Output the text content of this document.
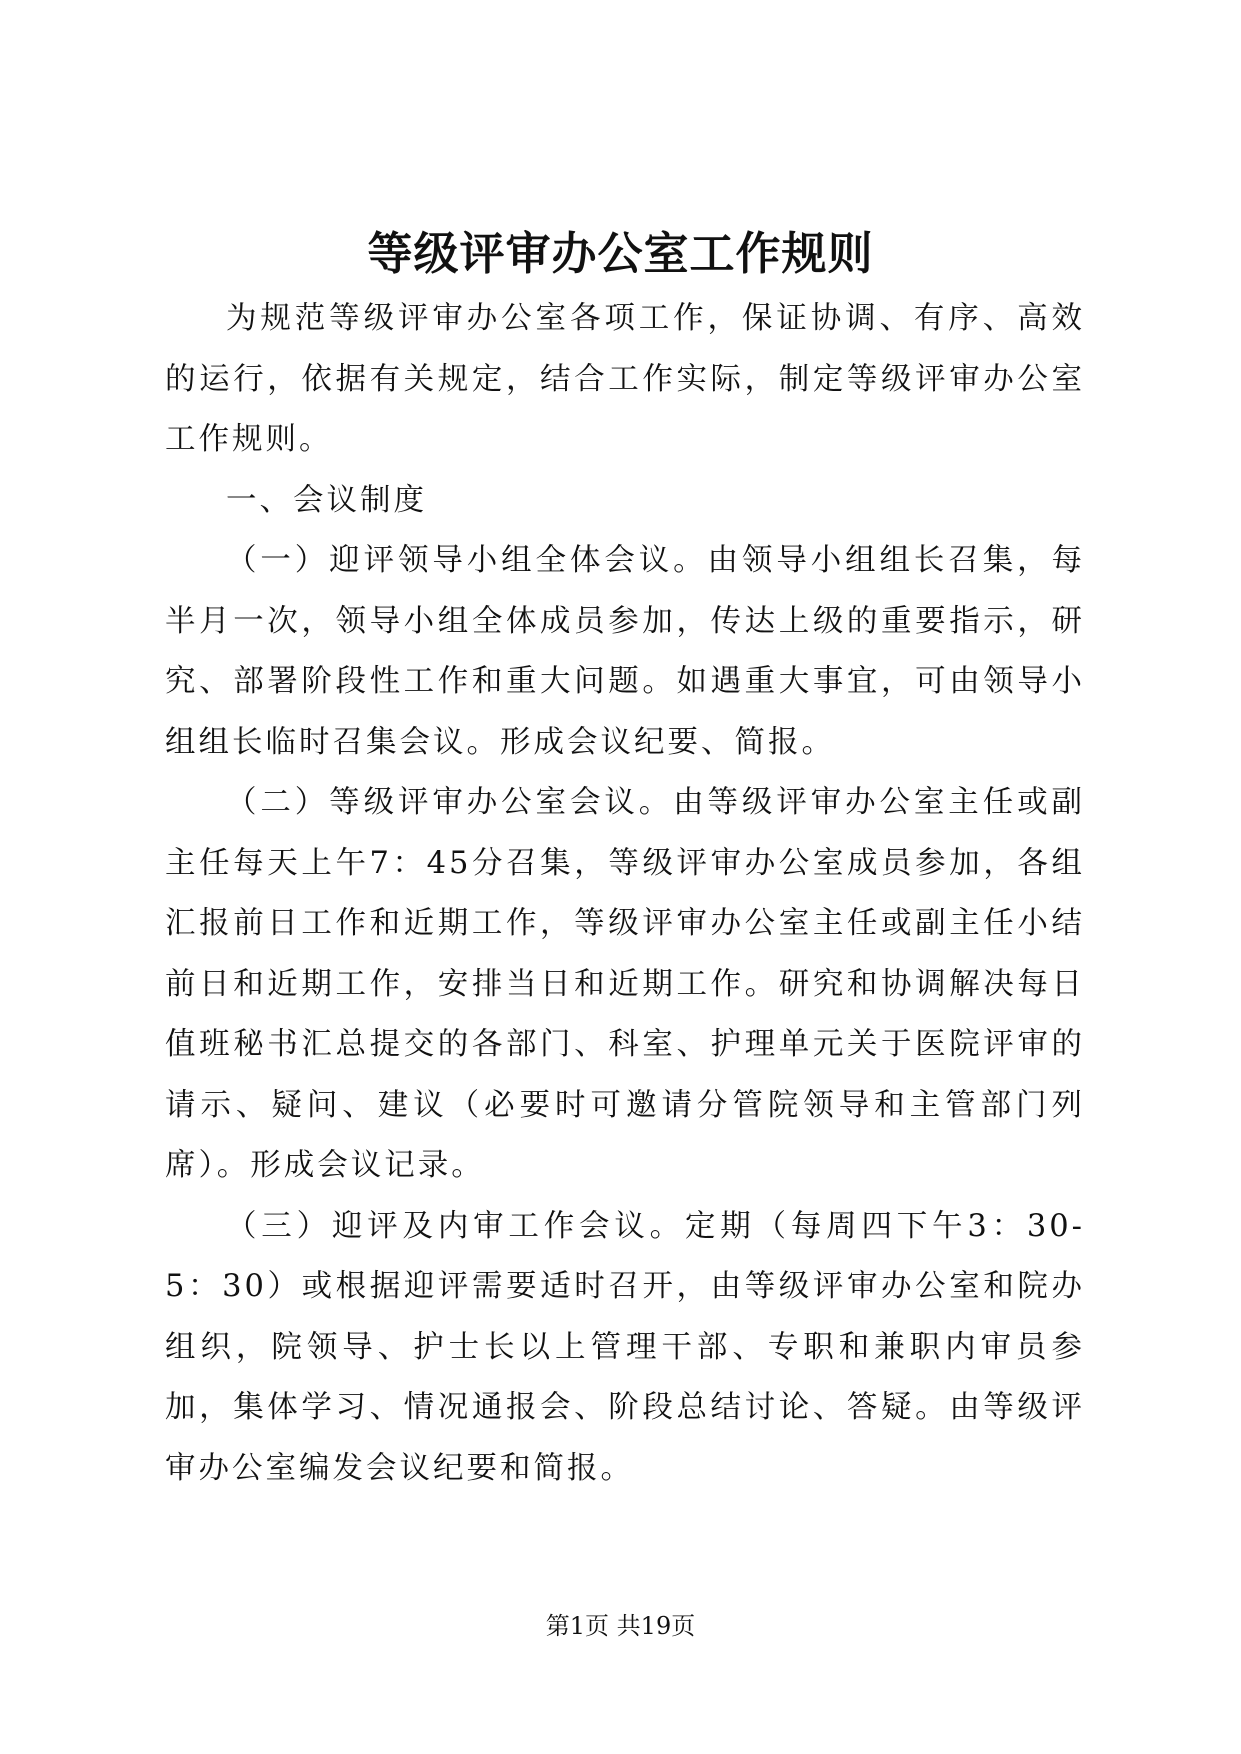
等级评审办公室工作规则

为规范等级评审办公室各项工作，保证协调、有序、高效的运行，依据有关规定，结合工作实际，制定等级评审办公室工作规则。

一、会议制度

（一）迎评领导小组全体会议。由领导小组组长召集，每半月一次，领导小组全体成员参加，传达上级的重要指示，研究、部署阶段性工作和重大问题。如遇重大事宜，可由领导小组组长临时召集会议。形成会议纪要、简报。

（二）等级评审办公室会议。由等级评审办公室主任或副主任每天上午7：45分召集，等级评审办公室成员参加，各组汇报前日工作和近期工作，等级评审办公室主任或副主任小结前日和近期工作，安排当日和近期工作。研究和协调解决每日值班秘书汇总提交的各部门、科室、护理单元关于医院评审的请示、疑问、建议（必要时可邀请分管院领导和主管部门列席）。形成会议记录。

（三）迎评及内审工作会议。定期（每周四下午3：30-5：30）或根据迎评需要适时召开，由等级评审办公室和院办组织，院领导、护士长以上管理干部、专职和兼职内审员参加，集体学习、情况通报会、阶段总结讨论、答疑。由等级评审办公室编发会议纪要和简报。

第1页 共19页
